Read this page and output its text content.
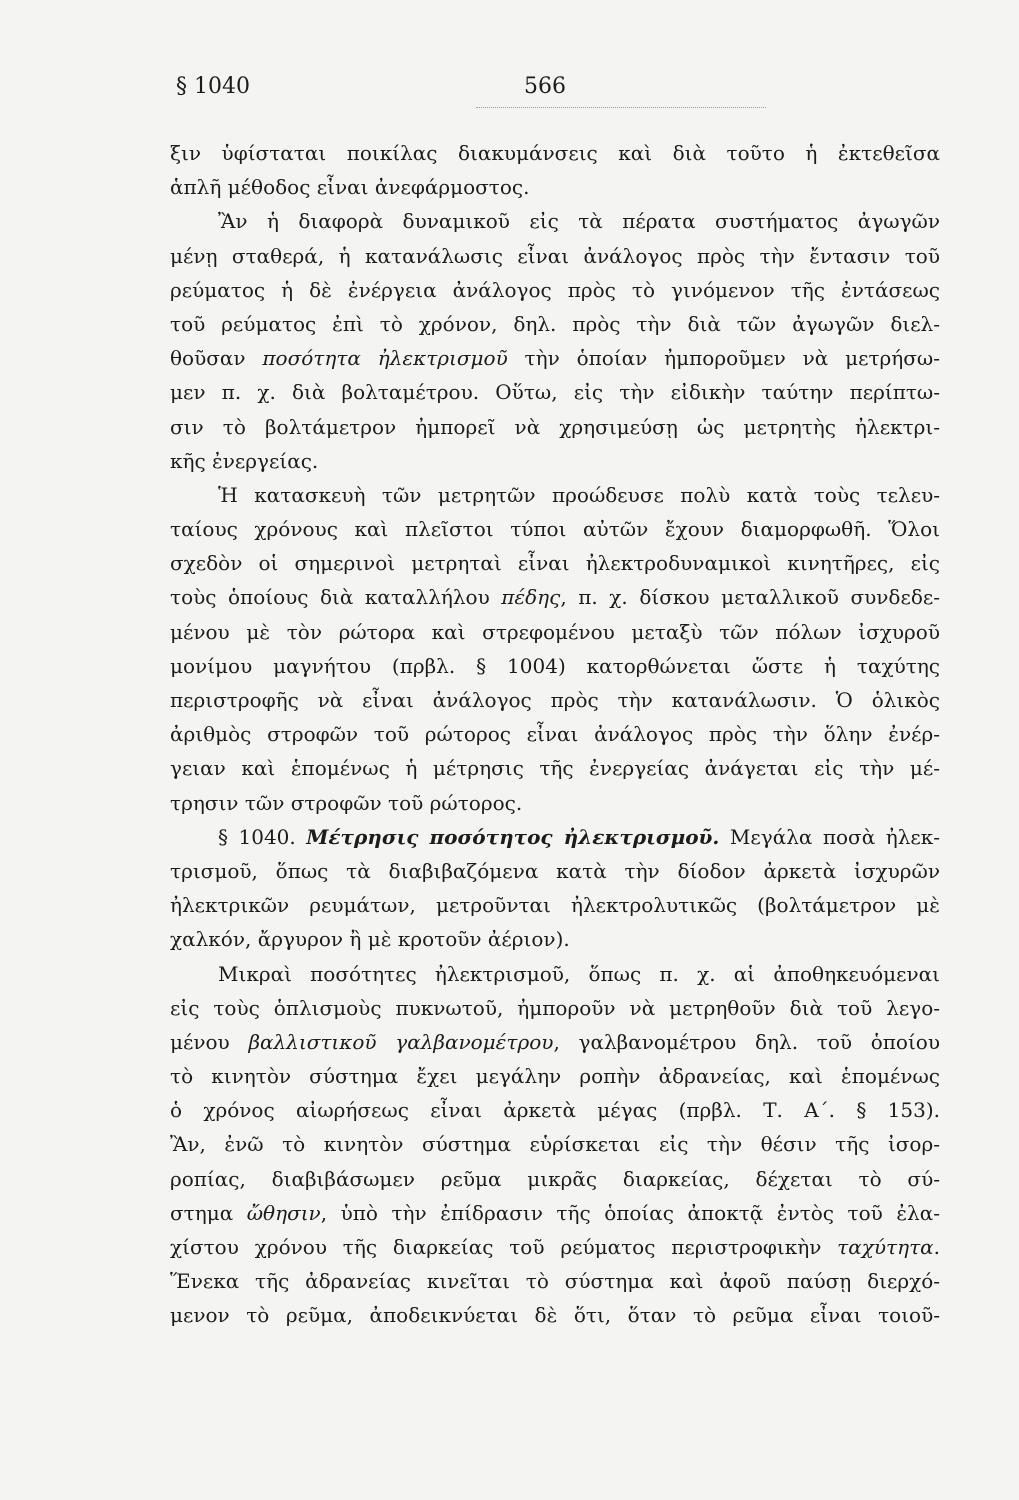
§ 1040	566
ξιν ὑφίσταται ποικίλας διακυμάνσεις καὶ διὰ τοῦτο ἡ ἐκτεθεῖσα
ἁπλῆ μέθοδος εἶναι ἀνεφάρμοστος.
Ἂν ἡ διαφορὰ δυναμικοῦ εἰς τὰ πέρατα συστήματος ἀγωγῶν
μένῃ σταθερά, ἡ κατανάλωσις εἶναι ἀνάλογος πρὸς τὴν ἔντασιν τοῦ
ρεύματος ἡ δὲ ἐνέργεια ἀνάλογος πρὸς τὸ γινόμενον τῆς ἐντάσεως
τοῦ ρεύματος ἐπὶ τὸ χρόνον, δηλ. πρὸς τὴν διὰ τῶν ἀγωγῶν διελ-
θοῦσαν ποσότητα ἠλεκτρισμοῦ τὴν ὁποίαν ἠμποροῦμεν νὰ μετρήσω-
μεν π. χ. διὰ βολταμέτρου. Οὕτω, εἰς τὴν εἰδικὴν ταύτην περίπτω-
σιν τὸ βολτάμετρον ἠμπορεῖ νὰ χρησιμεύσῃ ὡς μετρητὴς ἠλεκτρι-
κῆς ἐνεργείας.
Ἡ κατασκευὴ τῶν μετρητῶν προώδευσε πολὺ κατὰ τοὺς τελευ-
ταίους χρόνους καὶ πλεῖστοι τύποι αὐτῶν ἔχουν διαμορφωθῆ. Ὅλοι
σχεδὸν οἱ σημερινοὶ μετρηταὶ εἶναι ἠλεκτροδυναμικοὶ κινητῆρες, εἰς
τοὺς ὁποίους διὰ καταλλήλου πέδης, π. χ. δίσκου μεταλλικοῦ συνδεδε-
μένου μὲ τὸν ρώτορα καὶ στρεφομένου μεταξὺ τῶν πόλων ἰσχυροῦ
μονίμου μαγνήτου (πρβλ. § 1004) κατορθώνεται ὥστε ἡ ταχύτης
περιστροφῆς νὰ εἶναι ἀνάλογος πρὸς τὴν κατανάλωσιν. Ὁ ὁλικὸς
ἀριθμὸς στροφῶν τοῦ ρώτορος εἶναι ἀνάλογος πρὸς τὴν ὅλην ἐνέρ-
γειαν καὶ ἑπομένως ἡ μέτρησις τῆς ἐνεργείας ἀνάγεται εἰς τὴν μέ-
τρησιν τῶν στροφῶν τοῦ ρώτορος.
§ 1040. Μέτρησις ποσότητος ἠλεκτρισμοῦ. Μεγάλα ποσὰ ἠλεκ-
τρισμοῦ, ὅπως τὰ διαβιβαζόμενα κατὰ τὴν δίοδον ἀρκετὰ ἰσχυρῶν
ἠλεκτρικῶν ρευμάτων, μετροῦνται ἠλεκτρολυτικῶς (βολτάμετρον μὲ
χαλκόν, ἄργυρον ἢ μὲ κροτοῦν ἀέριον).
Μικραὶ ποσότητες ἠλεκτρισμοῦ, ὅπως π. χ. αἱ ἀποθηκευόμεναι
εἰς τοὺς ὁπλισμοὺς πυκνωτοῦ, ἠμποροῦν νὰ μετρηθοῦν διὰ τοῦ λεγο-
μένου βαλλιστικοῦ γαλβανομέτρου, γαλβανομέτρου δηλ. τοῦ ὁποίου
τὸ κινητὸν σύστημα ἔχει μεγάλην ροπὴν ἀδρανείας, καὶ ἑπομένως
ὁ χρόνος αἰωρήσεως εἶναι ἀρκετὰ μέγας (πρβλ. Τ. Α΄. § 153).
Ἂν, ἐνῶ τὸ κινητὸν σύστημα εὑρίσκεται εἰς τὴν θέσιν τῆς ἰσορ-
ροπίας, διαβιβάσωμεν ρεῦμα μικρᾶς διαρκείας, δέχεται τὸ σύ-
στημα ὤθησιν, ὑπὸ τὴν ἐπίδρασιν τῆς ὁποίας ἀποκτᾷ ἐντὸς τοῦ ἐλα-
χίστου χρόνου τῆς διαρκείας τοῦ ρεύματος περιστροφικὴν ταχύτητα.
Ἕνεκα τῆς ἀδρανείας κινεῖται τὸ σύστημα καὶ ἀφοῦ παύσῃ διερχό-
μενον τὸ ρεῦμα, ἀποδεικνύεται δὲ ὅτι, ὅταν τὸ ρεῦμα εἶναι τοιοῦ-
